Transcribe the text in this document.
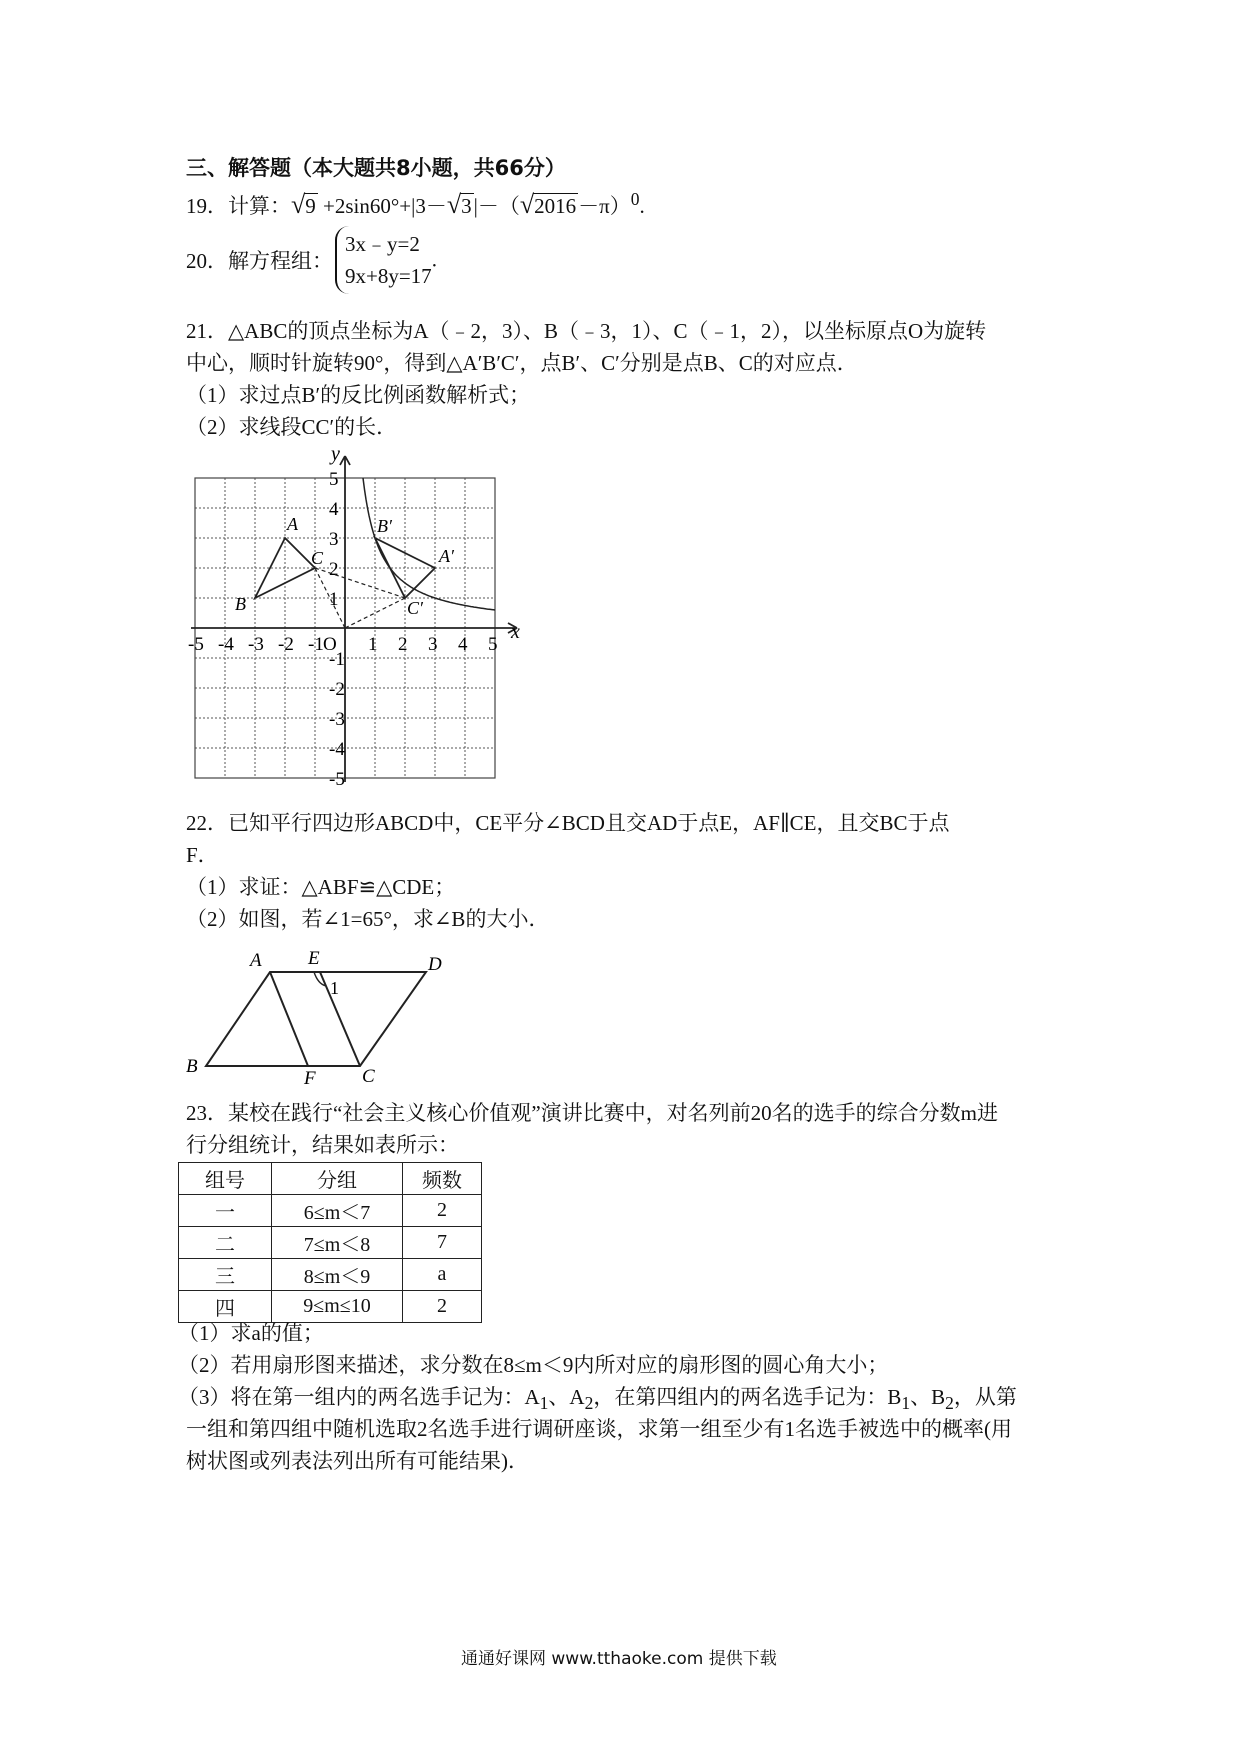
三、解答题（本大题共8小题，共66分）
19．计算：$√9 +2\sin 60^\circ+|3-√3|-(√2016-\pi)^0$.
20．解方程组：3x﹣y=2
9x+8y=17.
21．△ABC的顶点坐标为A（﹣2，3）、B（﹣3，1）、C（﹣1，2），以坐标原点O为旋转
中心，顺时针旋转90°，得到△A′B′C′，点B′、C′分别是点B、C的对应点．
（1）求过点B′的反比例函数解析式；
（2）求线段CC′的长．
-5 -4 -3 -2 -1 1 2 3 4 5
5
4
3
2
1
-1
-2
-3
-4
-5
x
y
O
A
B
C	A′
B′
C′
22．已知平行四边形ABCD中，CE平分∠BCD且交AD于点E，AF∥CE，且交BC于点
F．
（1）求证：△ABF≌△CDE；
（2）如图，若∠1=65°，求∠B的大小．
A E	D
B
F C
1
23．某校在践行“社会主义核心价值观”演讲比赛中，对名列前20名的选手的综合分数m进
行分组统计，结果如表所示：
组号	分组	频数
一	6≤m＜7	2
二	7≤m＜8	7
三	8≤m＜9	a
四	9≤m≤10	2
（1）求a的值；
（2）若用扇形图来描述，求分数在8≤m＜9内所对应的扇形图的圆心角大小；
（3）将在第一组内的两名选手记为：$A_1$、$A_2$，在第四组内的两名选手记为：$B_1$、$B_2$，从第
一组和第四组中随机选取2名选手进行调研座谈，求第一组至少有1名选手被选中的概率(用
树状图或列表法列出所有可能结果)．
通通好课网 www.tthaoke.com 提供下载
